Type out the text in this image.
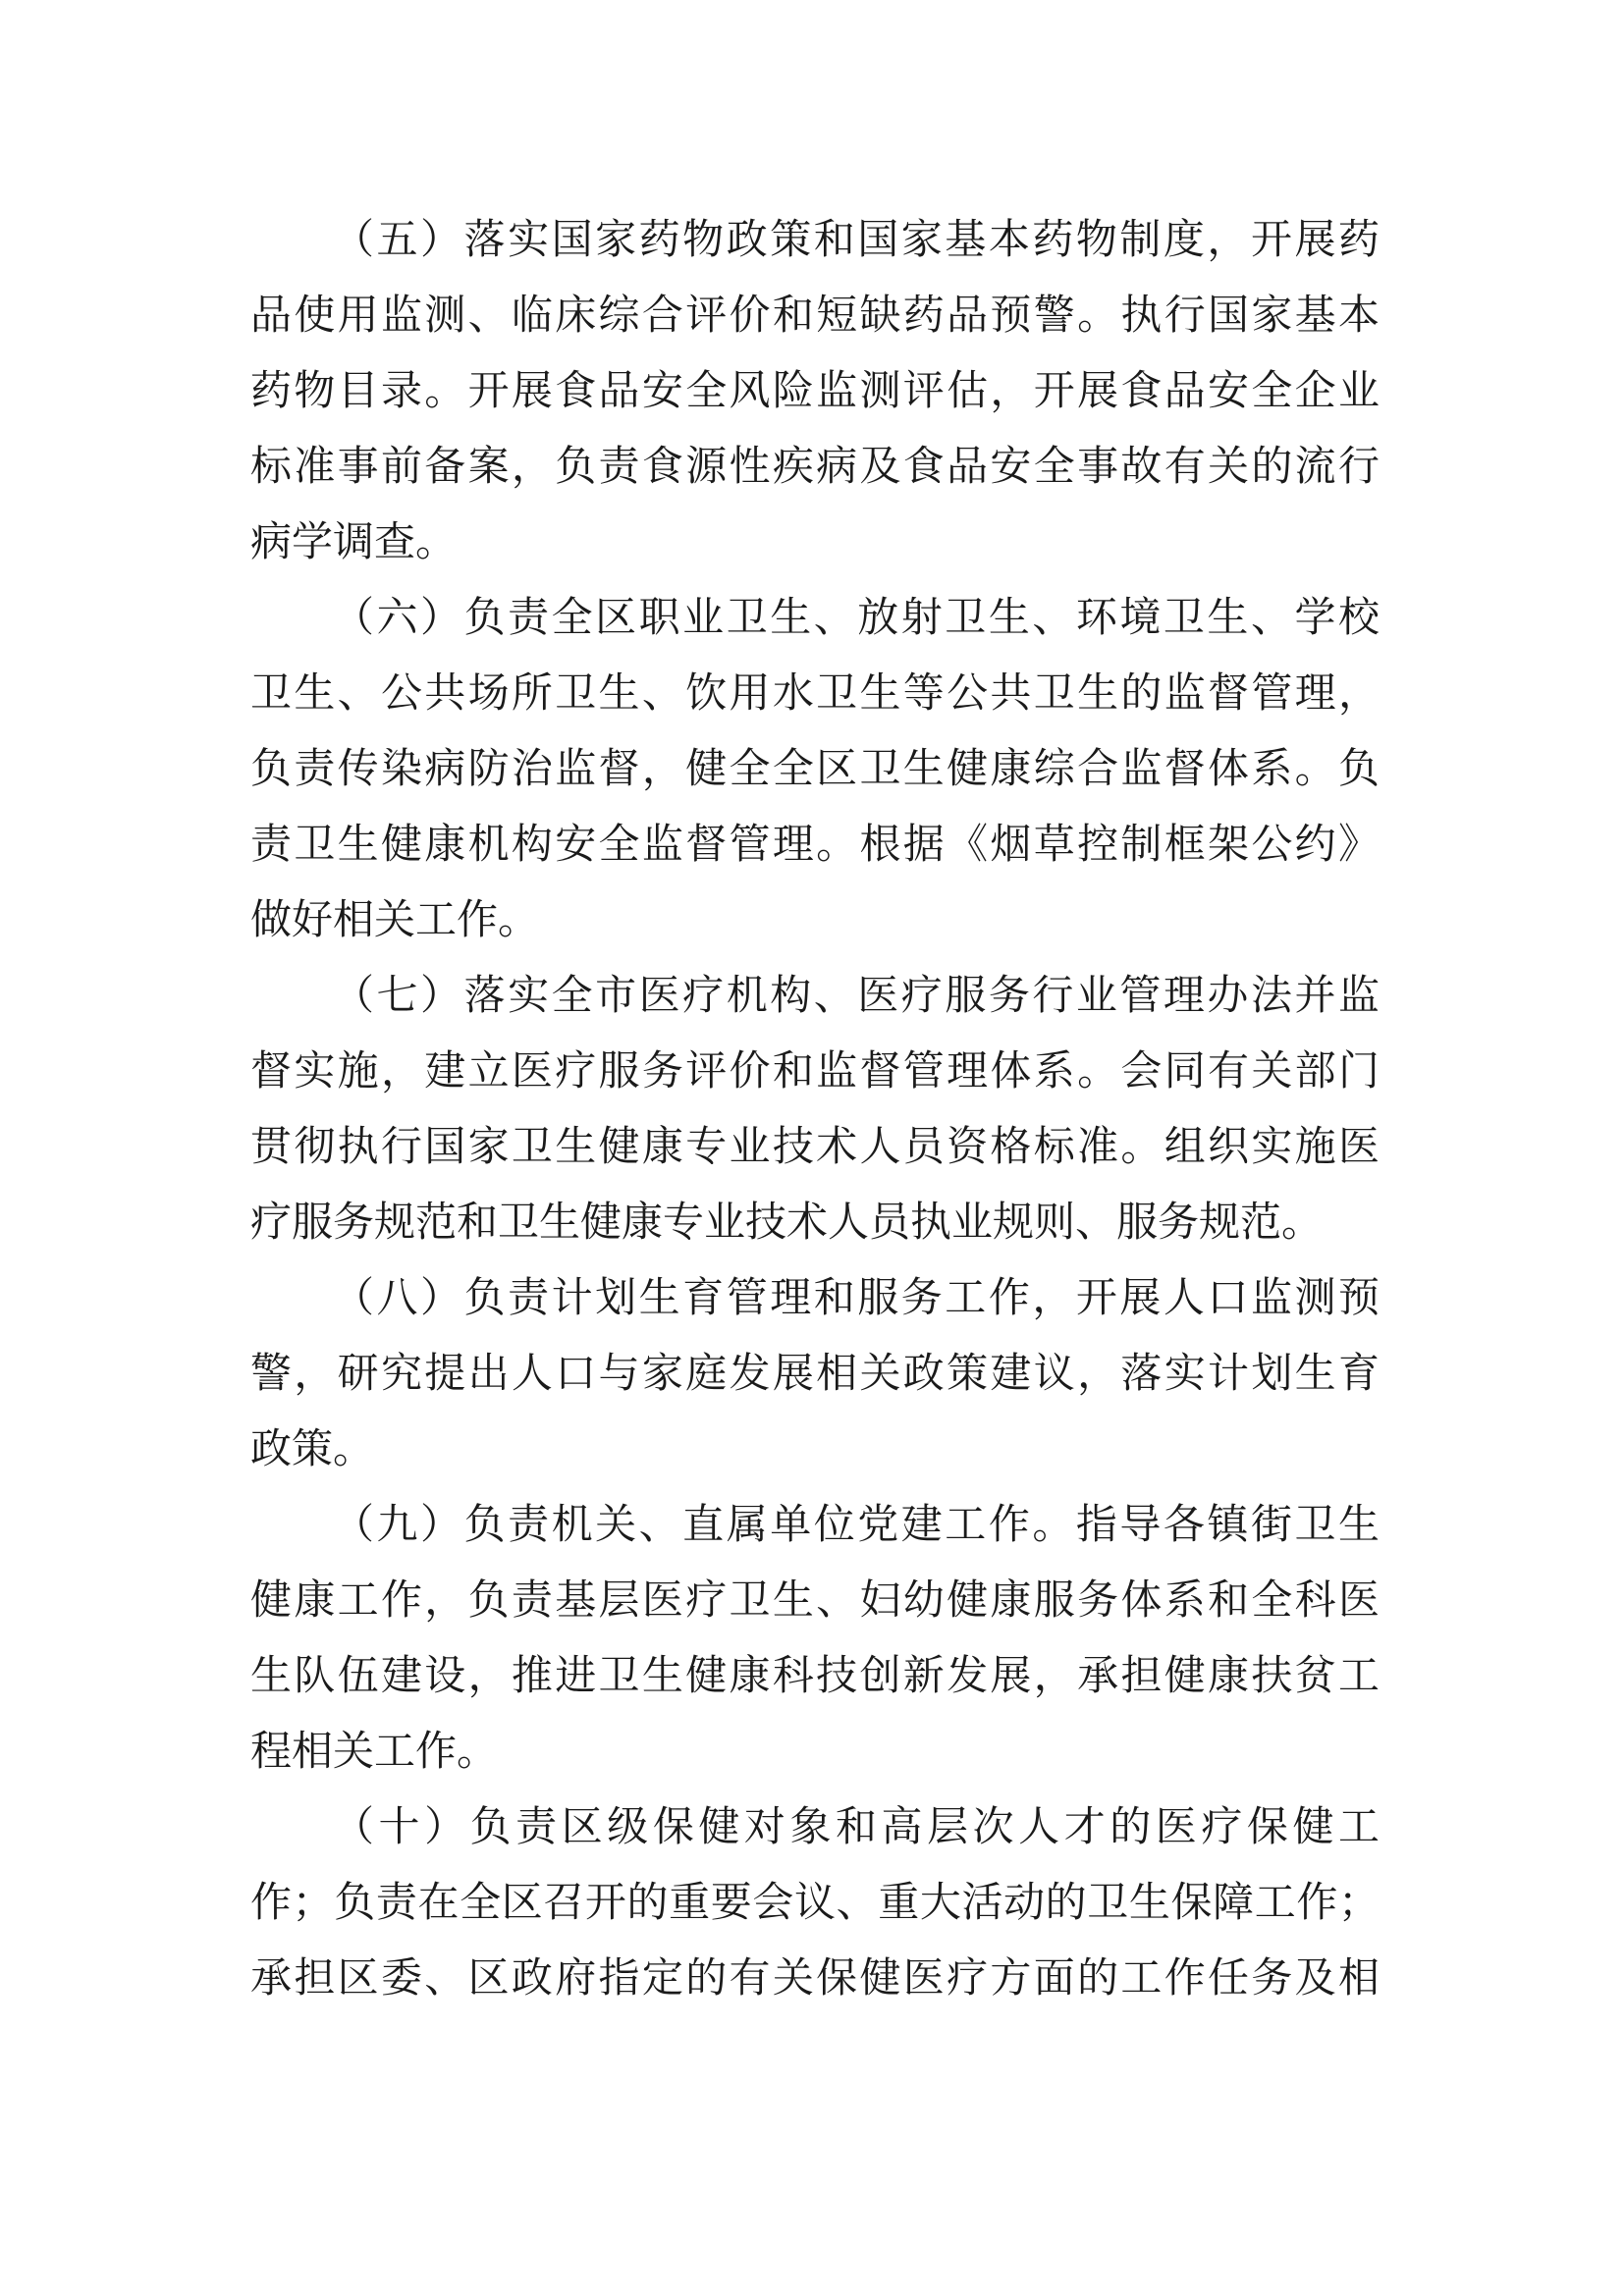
（五）落实国家药物政策和国家基本药物制度，开展药
品使用监测、临床综合评价和短缺药品预警。执行国家基本
药物目录。开展食品安全风险监测评估，开展食品安全企业
标准事前备案，负责食源性疾病及食品安全事故有关的流行
病学调查。
（六）负责全区职业卫生、放射卫生、环境卫生、学校
卫生、公共场所卫生、饮用水卫生等公共卫生的监督管理，
负责传染病防治监督，健全全区卫生健康综合监督体系。负
责卫生健康机构安全监督管理。根据《烟草控制框架公约》
做好相关工作。
（七）落实全市医疗机构、医疗服务行业管理办法并监
督实施，建立医疗服务评价和监督管理体系。会同有关部门
贯彻执行国家卫生健康专业技术人员资格标准。组织实施医
疗服务规范和卫生健康专业技术人员执业规则、服务规范。
（八）负责计划生育管理和服务工作，开展人口监测预
警，研究提出人口与家庭发展相关政策建议，落实计划生育
政策。
（九）负责机关、直属单位党建工作。指导各镇街卫生
健康工作，负责基层医疗卫生、妇幼健康服务体系和全科医
生队伍建设，推进卫生健康科技创新发展，承担健康扶贫工
程相关工作。
（十）负责区级保健对象和高层次人才的医疗保健工
作；负责在全区召开的重要会议、重大活动的卫生保障工作；
承担区委、区政府指定的有关保健医疗方面的工作任务及相
